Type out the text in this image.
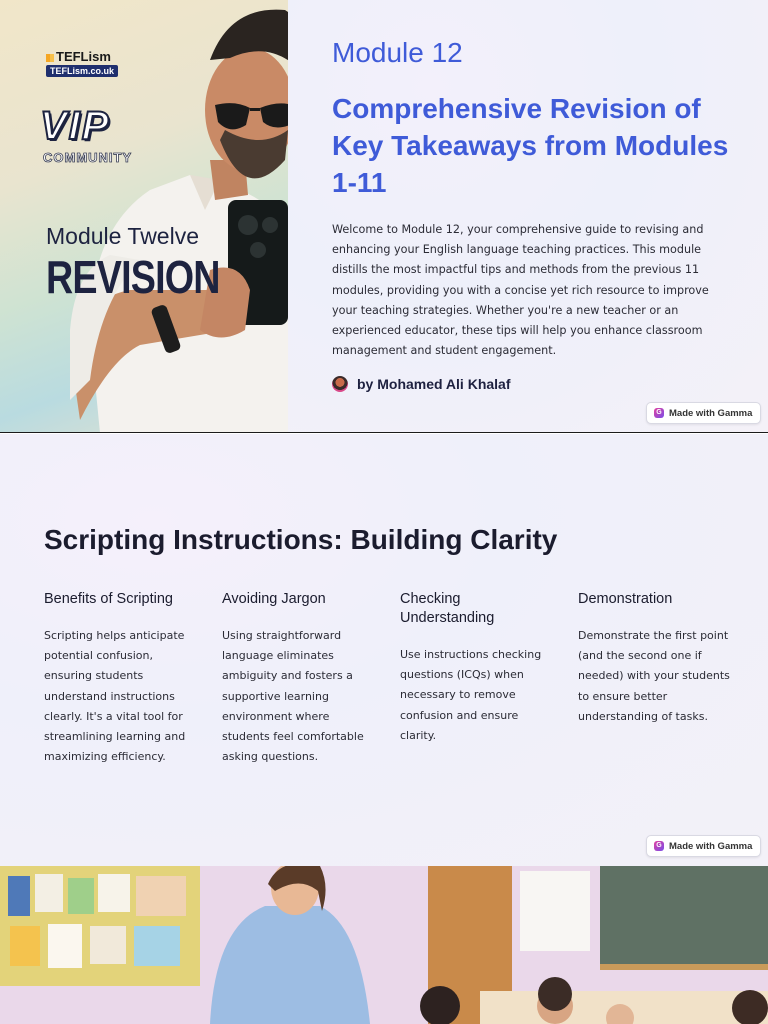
TEFLism
TEFLism.co.uk
VIP
COMMUNITY
Module Twelve
REVISION
Module 12
Comprehensive Revision of Key Takeaways from Modules 1-11

Welcome to Module 12, your comprehensive guide to revising and enhancing your English language teaching practices. This module distills the most impactful tips and methods from the previous 11 modules, providing you with a concise yet rich resource to improve your teaching strategies. Whether you're a new teacher or an experienced educator, these tips will help you enhance classroom management and student engagement.

by Mohamed Ali Khalaf
G Made with Gamma
Scripting Instructions: Building Clarity
Benefits of Scripting

Scripting helps anticipate potential confusion, ensuring students understand instructions clearly. It's a vital tool for streamlining learning and maximizing efficiency.

Avoiding Jargon

Using straightforward language eliminates ambiguity and fosters a supportive learning environment where students feel comfortable asking questions.

Checking Understanding

Use instructions checking questions (ICQs) when necessary to remove confusion and ensure clarity.

Demonstration

Demonstrate the first point (and the second one if needed) with your students to ensure better understanding of tasks.

G Made with Gamma
